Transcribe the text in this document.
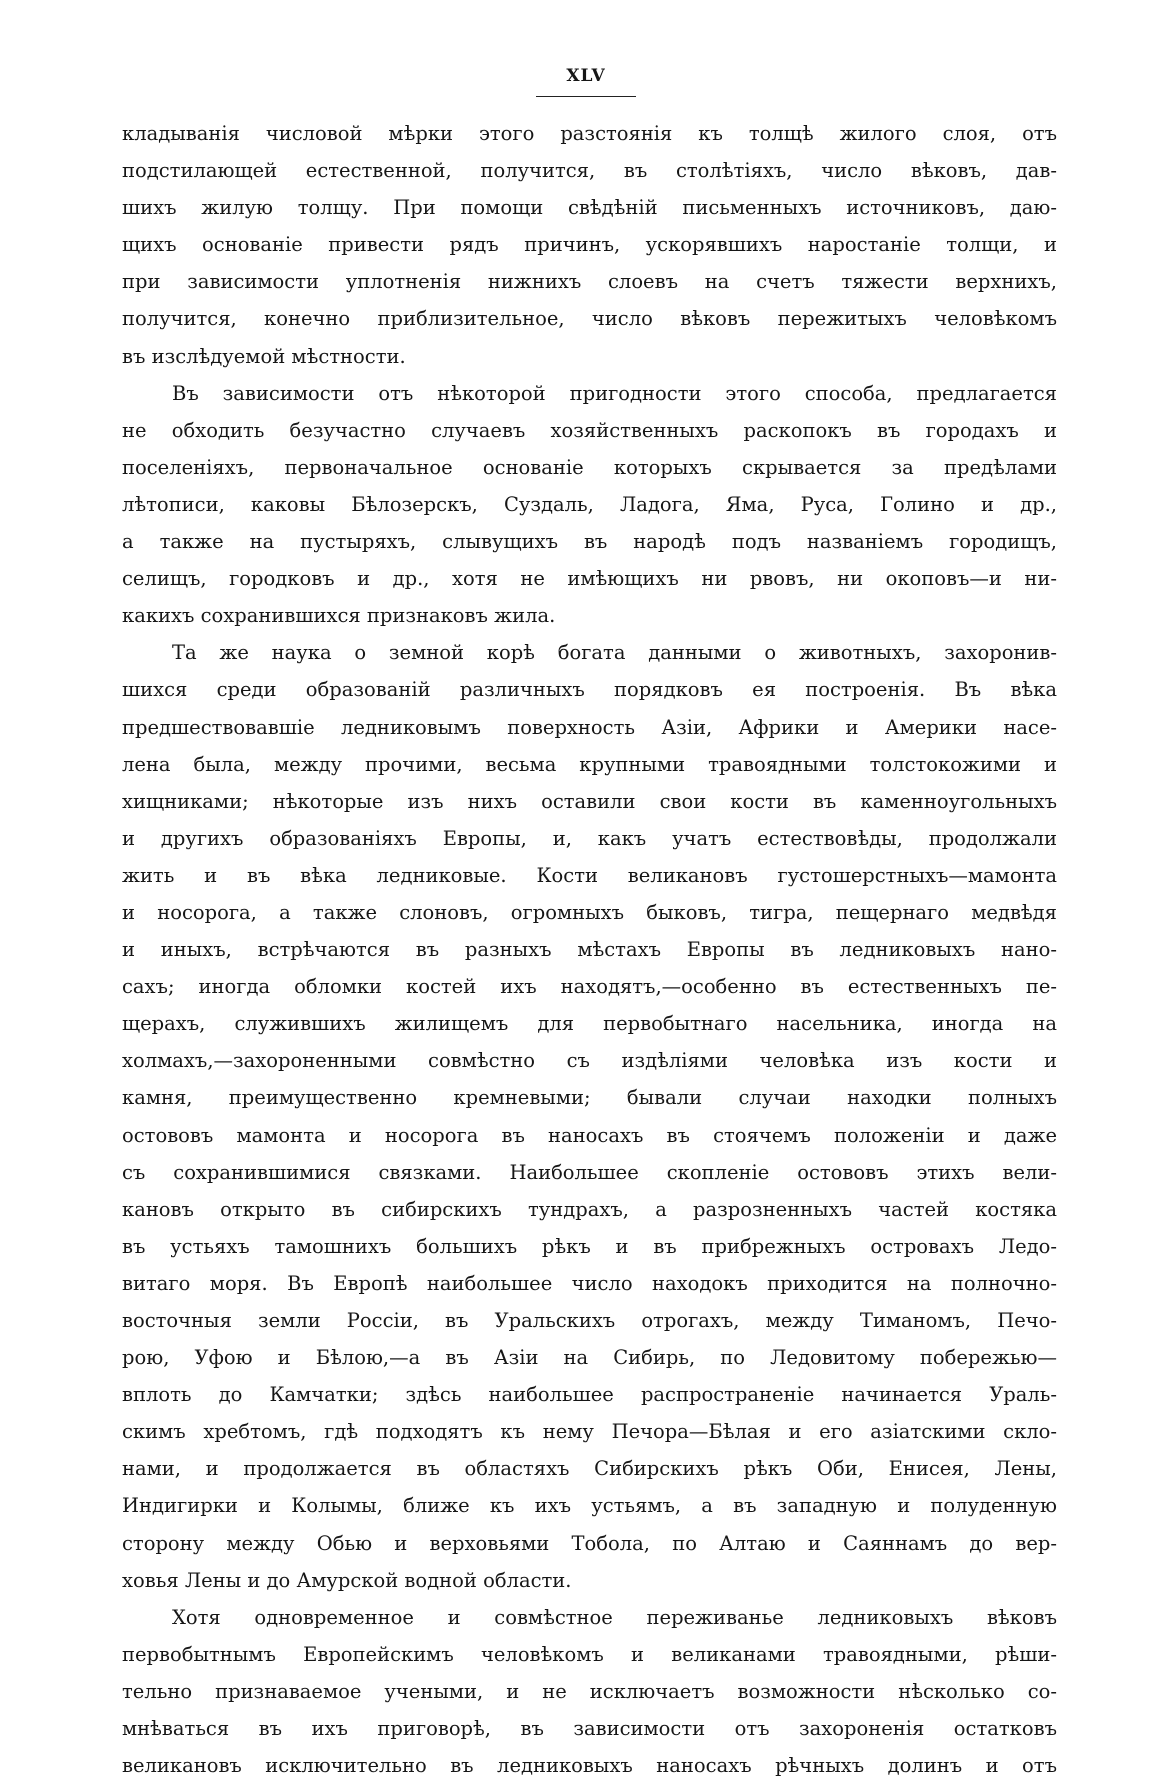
XLV
кладыванія числовой мѣрки этого разстоянія къ толщѣ жилого слоя, отъ
подстилающей естественной, получится, въ столѣтіяхъ, число вѣковъ, дав-
шихъ жилую толщу. При помощи свѣдѣній письменныхъ источниковъ, даю-
щихъ основаніе привести рядъ причинъ, ускорявшихъ наростаніе толщи, и
при зависимости уплотненія нижнихъ слоевъ на счетъ тяжести верхнихъ,
получится, конечно приблизительное, число вѣковъ пережитыхъ человѣкомъ
въ изслѣдуемой мѣстности.
Въ зависимости отъ нѣкоторой пригодности этого способа, предлагается
не обходить безучастно случаевъ хозяйственныхъ раскопокъ въ городахъ и
поселеніяхъ, первоначальное основаніе которыхъ скрывается за предѣлами
лѣтописи, каковы Бѣлозерскъ, Суздаль, Ладога, Яма, Руса, Голино и др.,
а также на пустыряхъ, слывущихъ въ народѣ подъ названіемъ городищъ,
селищъ, городковъ и др., хотя не имѣющихъ ни рвовъ, ни окоповъ—и ни-
какихъ сохранившихся признаковъ жила.
Та же наука о земной корѣ богата данными о животныхъ, захоронив-
шихся среди образованій различныхъ порядковъ ея построенія. Въ вѣка
предшествовавшіе ледниковымъ поверхность Азіи, Африки и Америки насе-
лена была, между прочими, весьма крупными травоядными толстокожими и
хищниками; нѣкоторые изъ нихъ оставили свои кости въ каменноугольныхъ
и другихъ образованіяхъ Европы, и, какъ учатъ естествовѣды, продолжали
жить и въ вѣка ледниковые. Кости великановъ густошерстныхъ—мамонта
и носорога, а также слоновъ, огромныхъ быковъ, тигра, пещернаго медвѣдя
и иныхъ, встрѣчаются въ разныхъ мѣстахъ Европы въ ледниковыхъ нано-
сахъ; иногда обломки костей ихъ находятъ,—особенно въ естественныхъ пе-
щерахъ, служившихъ жилищемъ для первобытнаго насельника, иногда на
холмахъ,—захороненными совмѣстно съ издѣліями человѣка изъ кости и
камня, преимущественно кремневыми; бывали случаи находки полныхъ
остововъ мамонта и носорога въ наносахъ въ стоячемъ положеніи и даже
съ сохранившимися связками. Наибольшее скопленіе остововъ этихъ вели-
кановъ открыто въ сибирскихъ тундрахъ, а разрозненныхъ частей костяка
въ устьяхъ тамошнихъ большихъ рѣкъ и въ прибрежныхъ островахъ Ледо-
витаго моря. Въ Европѣ наибольшее число находокъ приходится на полночно-
восточныя земли Россіи, въ Уральскихъ отрогахъ, между Тиманомъ, Печо-
рою, Уфою и Бѣлою,—а въ Азіи на Сибирь, по Ледовитому побережью—
вплоть до Камчатки; здѣсь наибольшее распространеніе начинается Ураль-
скимъ хребтомъ, гдѣ подходятъ къ нему Печора—Бѣлая и его азіатскими скло-
нами, и продолжается въ областяхъ Сибирскихъ рѣкъ Оби, Енисея, Лены,
Индигирки и Колымы, ближе къ ихъ устьямъ, а въ западную и полуденную
сторону между Обью и верховьями Тобола, по Алтаю и Саяннамъ до вер-
ховья Лены и до Амурской водной области.
Хотя одновременное и совмѣстное переживанье ледниковыхъ вѣковъ
первобытнымъ Европейскимъ человѣкомъ и великанами травоядными, рѣши-
тельно признаваемое учеными, и не исключаетъ возможности нѣсколько со-
мнѣваться въ ихъ приговорѣ, въ зависимости отъ захороненія остатковъ
великановъ исключительно въ ледниковыхъ наносахъ рѣчныхъ долинъ и отъ
